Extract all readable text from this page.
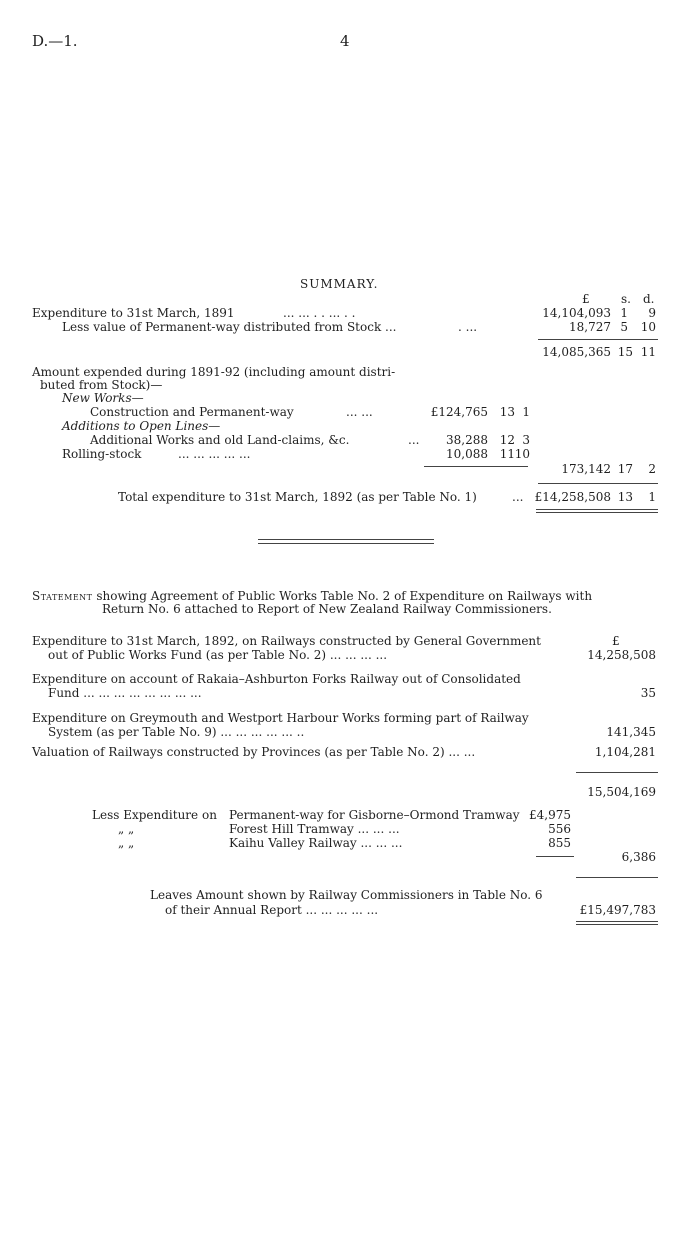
D.—1.	4
SUMMARY.
£	s. d.
Expenditure to 31st March, 1891	... ... . . ... . .	14,104,093 1 9
Less value of Permanent-way distributed from Stock ...	. ...	18,727 5 10
14,085,365 15 11
Amount expended during 1891-92 (including amount distri-
buted from Stock)—
New Works—
Construction and Permanent-way	... ...	£124,765 13 1
Additions to Open Lines—
Additional Works and old Land-claims, &c.	... 38,288 12 3
Rolling-stock	... ... ... ... ...	10,088 11 10
173,142 17 2
Total expenditure to 31st March, 1892 (as per Table No. 1)	... £14,258,508 13 1
Statement showing Agreement of Public Works Table No. 2 of Expenditure on Railways with
Return No. 6 attached to Report of New Zealand Railway Commissioners.
£
Expenditure to 31st March, 1892, on Railways constructed by General Government
out of Public Works Fund (as per Table No. 2) ... ... ... ...	14,258,508
Expenditure on account of Rakaia–Ashburton Forks Railway out of Consolidated
Fund ... ... ... ... ... ... ... ...	35
Expenditure on Greymouth and Westport Harbour Works forming part of Railway
System (as per Table No. 9) ... ... ... ... ... ..	141,345
Valuation of Railways constructed by Provinces (as per Table No. 2) ... ...	1,104,281
15,504,169
Less Expenditure on Permanent-way for Gisborne–Ormond Tramway £4,975
„ „	Forest Hill Tramway ... ... ...	556
„ „	Kaihu Valley Railway ... ... ...	855
6,386
Leaves Amount shown by Railway Commissioners in Table No. 6
of their Annual Report ... ... ... ... ...	£15,497,783
